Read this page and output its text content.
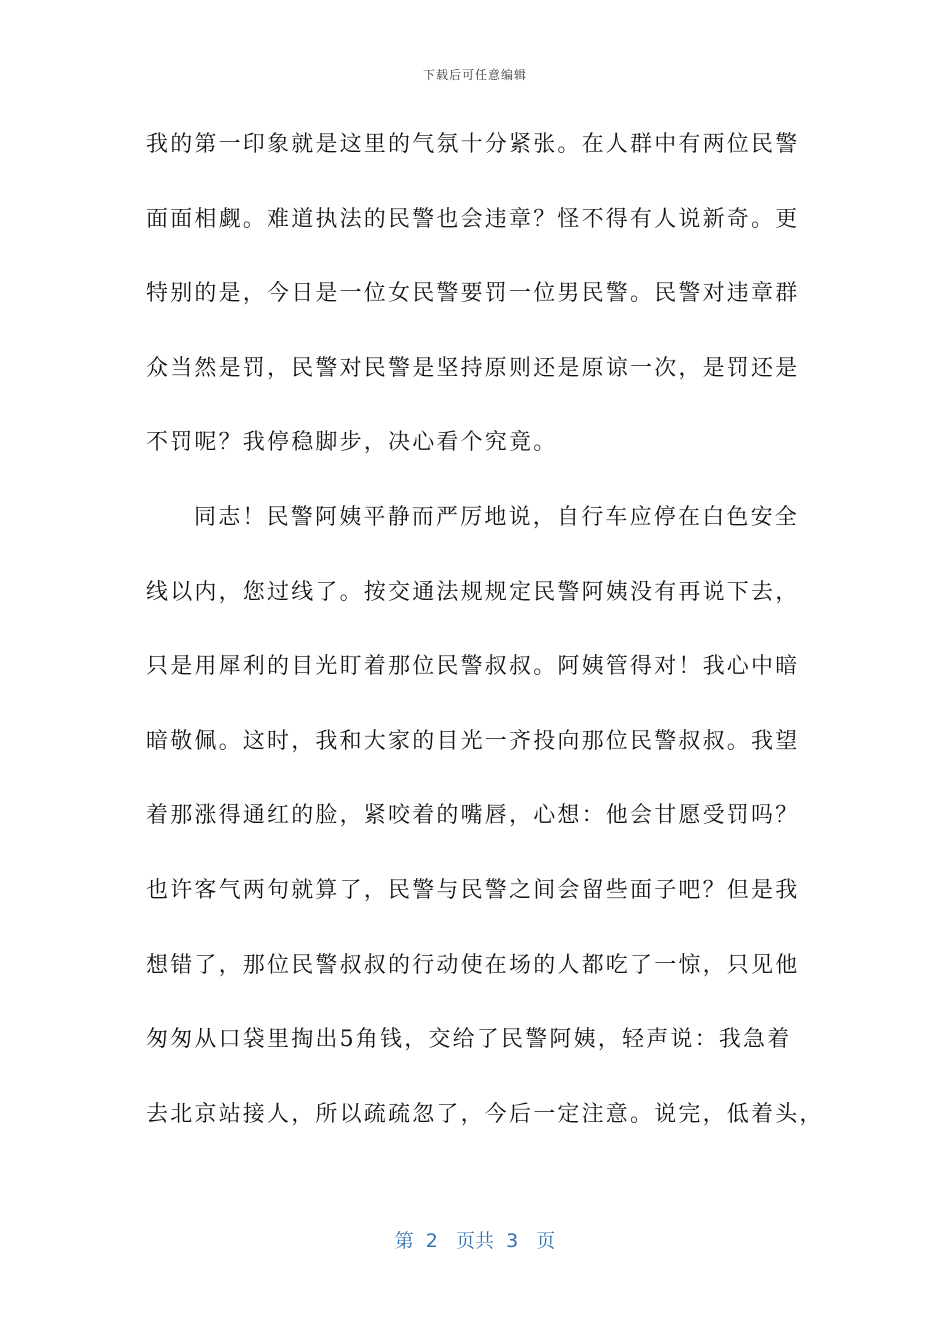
下载后可任意编辑
我的第一印象就是这里的气氛十分紧张。在人群中有两位民警
面面相觑。难道执法的民警也会违章？怪不得有人说新奇。更
特别的是，今日是一位女民警要罚一位男民警。民警对违章群
众当然是罚，民警对民警是坚持原则还是原谅一次，是罚还是
不罚呢？我停稳脚步，决心看个究竟。
同志！民警阿姨平静而严厉地说，自行车应停在白色安全
线以内，您过线了。按交通法规规定民警阿姨没有再说下去，
只是用犀利的目光盯着那位民警叔叔。阿姨管得对！我心中暗
暗敬佩。这时，我和大家的目光一齐投向那位民警叔叔。我望
着那涨得通红的脸，紧咬着的嘴唇，心想：他会甘愿受罚吗？
也许客气两句就算了，民警与民警之间会留些面子吧？但是我
想错了，那位民警叔叔的行动使在场的人都吃了一惊，只见他
匆匆从口袋里掏出5角钱，交给了民警阿姨，轻声说：我急着
去北京站接人，所以疏疏忽了，今后一定注意。说完，低着头，
第  2   页共  3   页
